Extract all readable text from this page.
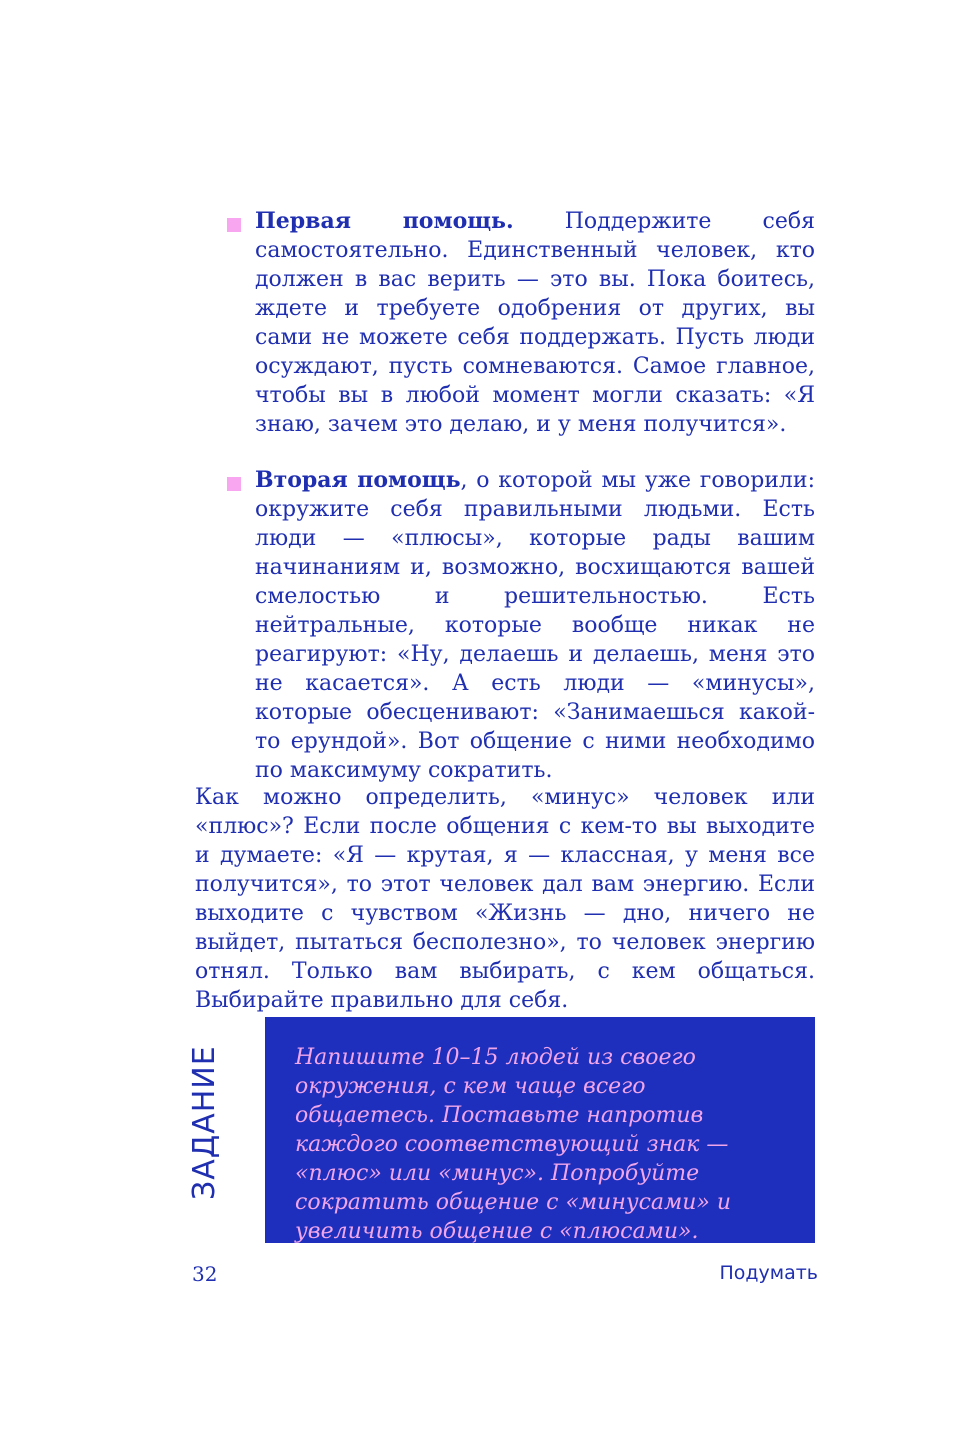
Первая помощь. Поддержите себя самостоятельно. Единственный человек, кто должен в вас верить — это вы. Пока боитесь, ждете и требуете одобрения от других, вы сами не можете себя поддержать. Пусть люди осуждают, пусть сомневаются. Самое главное, чтобы вы в любой момент могли сказать: «Я знаю, зачем это делаю, и у меня получится».
Вторая помощь, о которой мы уже говорили: окружите себя правильными людьми. Есть люди — «плюсы», которые рады вашим начинаниям и, возможно, восхищаются вашей смелостью и решительностью. Есть нейтральные, которые вообще никак не реагируют: «Ну, делаешь и делаешь, меня это не касается». А есть люди — «минусы», которые обесценивают: «Занимаешься какой-то ерундой». Вот общение с ними необходимо по максимуму сократить.

Как можно определить, «минус» человек или «плюс»? Если после общения с кем-то вы выходите и думаете: «Я — крутая, я — классная, у меня все получится», то этот человек дал вам энергию. Если выходите с чувством «Жизнь — дно, ничего не выйдет, пытаться бесполезно», то человек энергию отнял. Только вам выбирать, с кем общаться. Выбирайте правильно для себя.

ЗАДАНИЕ	Напишите 10–15 людей из своего окружения, с кем чаще всего общаетесь. Поставьте напротив каждого соответствующий знак — «плюс» или «минус». Попробуйте сократить общение с «минусами» и увеличить общение с «плюсами».
32	Подумать
